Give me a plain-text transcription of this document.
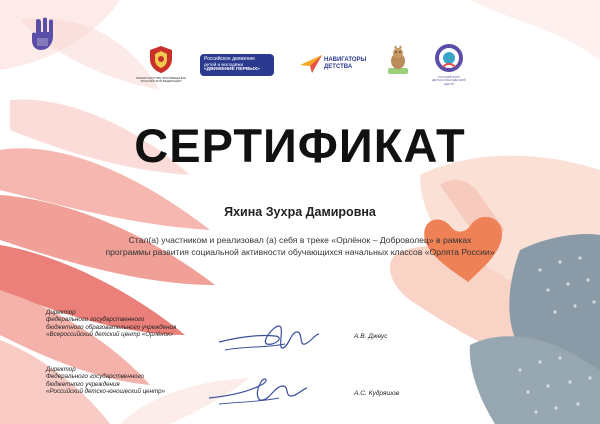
МИНИСТЕРСТВО ПРОСВЕЩЕНИЯ
РОССИЙСКОЙ ФЕДЕРАЦИИ
Российское движение
детей и молодёжи
«ДВИЖЕНИЕ ПЕРВЫХ»
НАВИГАТОРЫ
ДЕТСТВА
РОССИЙСКИЙ
ДЕТСКО-ЮНОШЕСКИЙ ЦЕНТР
СЕРТИФИКАТ
Яхина Зухра Дамировна
Стал(а) участником и реализовал (а) себя в треке «Орлёнок – Доброволец» в рамках
программы развития социальной активности обучающихся начальных классов «Орлята России»
Директор
федерального государственного
бюджетного образовательного учреждения
«Всероссийский детский центр «Орлёнок»	А.В. Джеус
Директор
Федерального государственного
бюджетного учреждения
«Российский детско-юношеский центр»	А.С. Кудряшов
